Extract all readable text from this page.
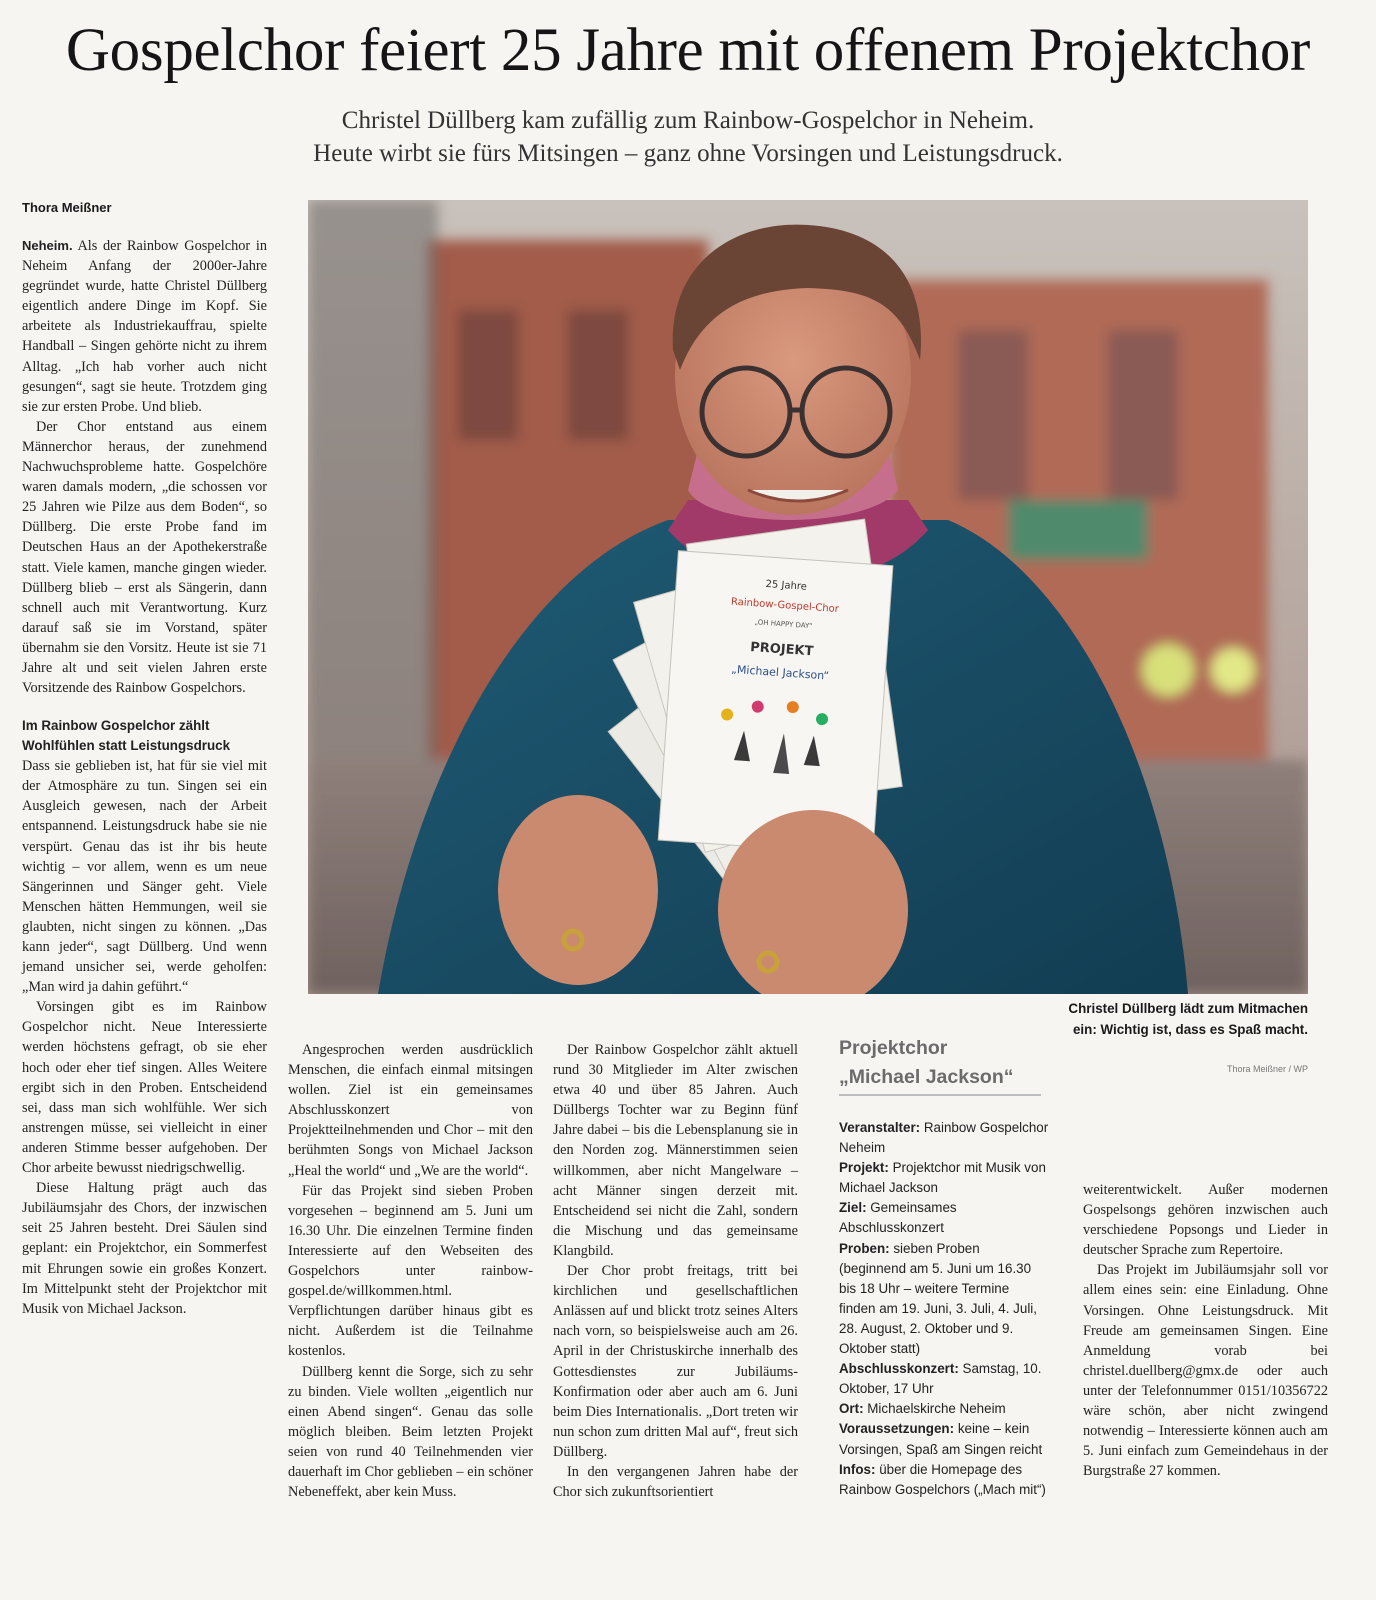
Gospelchor feiert 25 Jahre mit offenem Projektchor
Christel Düllberg kam zufällig zum Rainbow-Gospelchor in Neheim.
Heute wirbt sie fürs Mitsingen – ganz ohne Vorsingen und Leistungsdruck.
Thora Meißner

Neheim. Als der Rainbow Gospelchor in Neheim Anfang der 2000er-Jahre gegründet wurde, hatte Christel Düllberg eigentlich andere Dinge im Kopf. Sie arbeitete als Industriekauffrau, spielte Handball – Singen gehörte nicht zu ihrem Alltag. „Ich hab vorher auch nicht gesungen“, sagt sie heute. Trotzdem ging sie zur ersten Probe. Und blieb.

Der Chor entstand aus einem Männerchor heraus, der zunehmend Nachwuchsprobleme hatte. Gospelchöre waren damals modern, „die schossen vor 25 Jahren wie Pilze aus dem Boden“, so Düllberg. Die erste Probe fand im Deutschen Haus an der Apothekerstraße statt. Viele kamen, manche gingen wieder. Düllberg blieb – erst als Sängerin, dann schnell auch mit Verantwortung. Kurz darauf saß sie im Vorstand, später übernahm sie den Vorsitz. Heute ist sie 71 Jahre alt und seit vielen Jahren erste Vorsitzende des Rainbow Gospelchors.

Im Rainbow Gospelchor zählt
Wohlfühlen statt Leistungsdruck

Dass sie geblieben ist, hat für sie viel mit der Atmosphäre zu tun. Singen sei ein Ausgleich gewesen, nach der Arbeit entspannend. Leistungsdruck habe sie nie verspürt. Genau das ist ihr bis heute wichtig – vor allem, wenn es um neue Sängerinnen und Sänger geht. Viele Menschen hätten Hemmungen, weil sie glaubten, nicht singen zu können. „Das kann jeder“, sagt Düllberg. Und wenn jemand unsicher sei, werde geholfen: „Man wird ja dahin geführt.“

Vorsingen gibt es im Rainbow Gospelchor nicht. Neue Interessierte werden höchstens gefragt, ob sie eher hoch oder eher tief singen. Alles Weitere ergibt sich in den Proben. Entscheidend sei, dass man sich wohlfühle. Wer sich anstrengen müsse, sei vielleicht in einer anderen Stimme besser aufgehoben. Der Chor arbeite bewusst niedrigschwellig.

Diese Haltung prägt auch das Jubiläumsjahr des Chors, der inzwischen seit 25 Jahren besteht. Drei Säulen sind geplant: ein Projektchor, ein Sommerfest mit Ehrungen sowie ein großes Konzert. Im Mittelpunkt steht der Projektchor mit Musik von Michael Jackson.

25 Jahre
Rainbow-Gospel-Chor
„OH HAPPY DAY“
PROJEKT
„Michael Jackson“
Christel Düllberg lädt zum Mitmachen ein: Wichtig ist, dass es Spaß macht.
Thora Meißner / WP

Angesprochen werden ausdrücklich Menschen, die einfach einmal mitsingen wollen. Ziel ist ein gemeinsames Abschlusskonzert von Projektteilnehmenden und Chor – mit den berühmten Songs von Michael Jackson „Heal the world“ und „We are the world“.

Für das Projekt sind sieben Proben vorgesehen – beginnend am 5. Juni um 16.30 Uhr. Die einzelnen Termine finden Interessierte auf den Webseiten des Gospelchors unter rainbow-gospel.de/willkommen.html. Verpflichtungen darüber hinaus gibt es nicht. Außerdem ist die Teilnahme kostenlos.

Düllberg kennt die Sorge, sich zu sehr zu binden. Viele wollten „eigentlich nur einen Abend singen“. Genau das solle möglich bleiben. Beim letzten Projekt seien von rund 40 Teilnehmenden vier dauerhaft im Chor geblieben – ein schöner Nebeneffekt, aber kein Muss.

Der Rainbow Gospelchor zählt aktuell rund 30 Mitglieder im Alter zwischen etwa 40 und über 85 Jahren. Auch Düllbergs Tochter war zu Beginn fünf Jahre dabei – bis die Lebensplanung sie in den Norden zog. Männerstimmen seien willkommen, aber nicht Mangelware – acht Männer singen derzeit mit. Entscheidend sei nicht die Zahl, sondern die Mischung und das gemeinsame Klangbild.

Der Chor probt freitags, tritt bei kirchlichen und gesellschaftlichen Anlässen auf und blickt trotz seines Alters nach vorn, so beispielsweise auch am 26. April in der Christuskirche innerhalb des Gottesdienstes zur Jubiläums-Konfirmation oder aber auch am 6. Juni beim Dies Internationalis. „Dort treten wir nun schon zum dritten Mal auf“, freut sich Düllberg.

In den vergangenen Jahren habe der Chor sich zukunftsorientiert

Projektchor
„Michael Jackson“
Veranstalter: Rainbow Gospelchor Neheim
Projekt: Projektchor mit Musik von Michael Jackson
Ziel: Gemeinsames Abschlusskonzert
Proben: sieben Proben (beginnend am 5. Juni um 16.30 bis 18 Uhr – weitere Termine finden am 19. Juni, 3. Juli, 4. Juli, 28. August, 2. Oktober und 9. Oktober statt)
Abschlusskonzert: Samstag, 10. Oktober, 17 Uhr
Ort: Michaelskirche Neheim
Voraussetzungen: keine – kein Vorsingen, Spaß am Singen reicht
Infos: über die Homepage des Rainbow Gospelchors („Mach mit“)

weiterentwickelt. Außer modernen Gospelsongs gehören inzwischen auch verschiedene Popsongs und Lieder in deutscher Sprache zum Repertoire.

Das Projekt im Jubiläumsjahr soll vor allem eines sein: eine Einladung. Ohne Vorsingen. Ohne Leistungsdruck. Mit Freude am gemeinsamen Singen. Eine Anmeldung vorab bei christel.duellberg@gmx.de oder auch unter der Telefonnummer 0151/10356722 wäre schön, aber nicht zwingend notwendig – Interessierte können auch am 5. Juni einfach zum Gemeindehaus in der Burgstraße 27 kommen.
